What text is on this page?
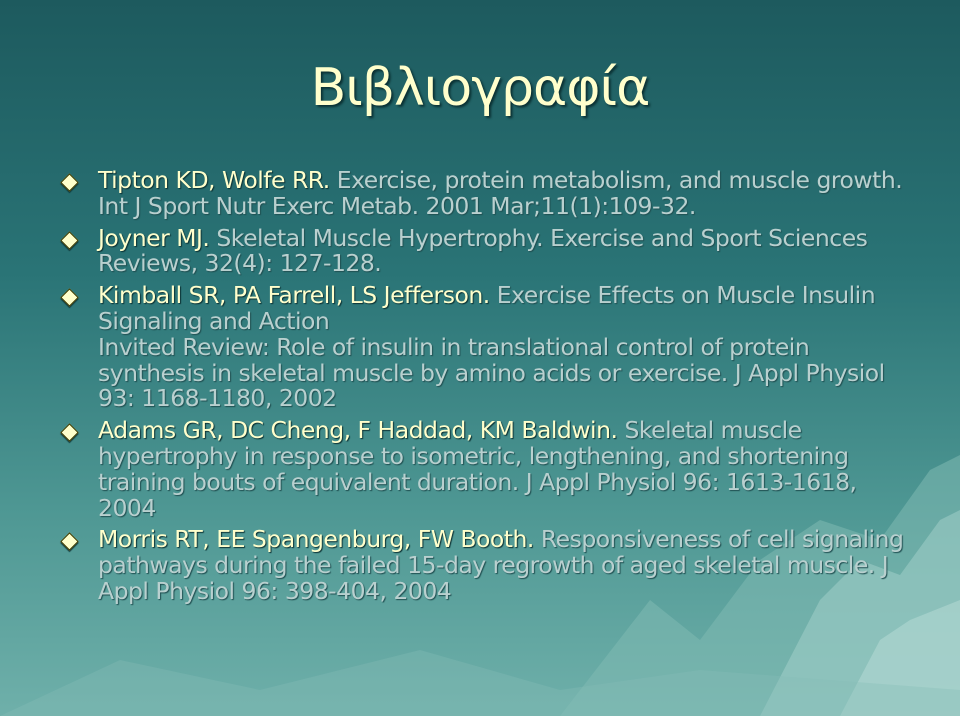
Βιβλιογραφία
Tipton KD, Wolfe RR. Exercise, protein metabolism, and muscle growth. Int J Sport Nutr Exerc Metab. 2001 Mar;11(1):109-32.
Joyner MJ. Skeletal Muscle Hypertrophy. Exercise and Sport Sciences Reviews, 32(4): 127-128.
Kimball SR, PA Farrell, LS Jefferson. Exercise Effects on Muscle Insulin Signaling and Action
Invited Review: Role of insulin in translational control of protein synthesis in skeletal muscle by amino acids or exercise. J Appl Physiol 93: 1168-1180, 2002
Adams GR, DC Cheng, F Haddad, KM Baldwin. Skeletal muscle hypertrophy in response to isometric, lengthening, and shortening training bouts of equivalent duration. J Appl Physiol 96: 1613-1618, 2004
Morris RT, EE Spangenburg, FW Booth. Responsiveness of cell signaling pathways during the failed 15-day regrowth of aged skeletal muscle. J Appl Physiol 96: 398-404, 2004
